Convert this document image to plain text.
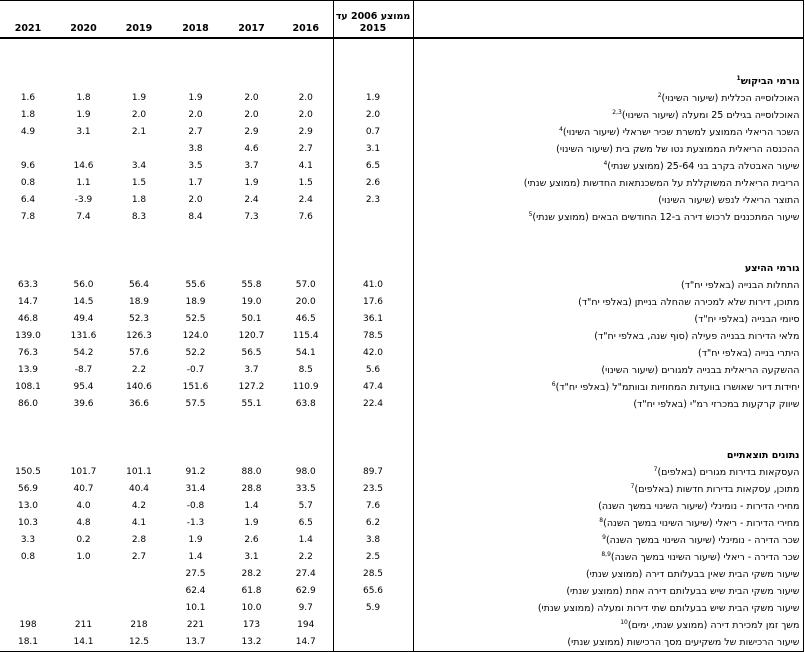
2021	2020	2019	2018	2017	2016	ממוצע 2006 עד
2015	

							גורמי הביקוש$^1$
1.6	1.8	1.9	1.9	2.0	2.0	1.9	האוכלוסייה הכללית (שיעור השינוי)$^2$
1.8	1.9	2.0	2.0	2.0	2.0	2.0	האוכלוסייה בגילים 25 ומעלה (שיעור השינוי)$^{2,3}$
4.9	3.1	2.1	2.7	2.9	2.9	0.7	השכר הריאלי הממוצע למשרת שכיר ישראלי (שיעור השינוי)$^4$
			3.8	4.6	2.7	3.1	ההכנסה הריאלית הממוצעת נטו של משק בית (שיעור השינוי)
9.6	14.6	3.4	3.5	3.7	4.1	6.5	שיעור האבטלה בקרב בני 25-64 (ממוצע שנתי)$^4$
0.8	1.1	1.5	1.7	1.9	1.5	2.6	הריבית הריאלית המשוקללת על המשכנתאות החדשות (ממוצע שנתי)
6.4	-3.9	1.8	2.0	2.4	2.4	2.3	התוצר הריאלי לנפש (שיעור השינוי)
7.8	7.4	8.3	8.4	7.3	7.6		שיעור המתכננים לרכוש דירה ב-12 החודשים הבאים (ממוצע שנתי)$^5$

							גורמי ההיצע
63.3	56.0	56.4	55.6	55.8	57.0	41.0	התחלות הבנייה (באלפי יח"ד)
14.7	14.5	18.9	18.9	19.0	20.0	17.6	מתוכן, דירות שלא למכירה שהחלה בנייתן (באלפי יח"ד)
46.8	49.4	52.3	52.5	50.1	46.5	36.1	סיומי הבנייה (באלפי יח"ד)
139.0	131.6	126.3	124.0	120.7	115.4	78.5	מלאי הדירות בבנייה פעילה (סוף שנה, באלפי יח"ד)
76.3	54.2	57.6	52.2	56.5	54.1	42.0	היתרי בנייה (באלפי יח"ד)
13.9	-8.7	2.2	-0.7	3.7	8.5	5.6	ההשקעה הריאלית בבנייה למגורים (שיעור השינוי)
108.1	95.4	140.6	151.6	127.2	110.9	47.4	יחידות דיור שאושרו בוועדות המחוזיות ובוותמ"ל (באלפי יח"ד)$^6$
86.0	39.6	36.6	57.5	55.1	63.8	22.4	שיווק קרקעות במכרזי רמ"י (באלפי יח"ד)

							נתונים תוצאתיים
150.5	101.7	101.1	91.2	88.0	98.0	89.7	העסקאות בדירות מגורים (באלפים)$^7$
56.9	40.7	40.4	31.4	28.8	33.5	23.5	מתוכן, עסקאות בדירות חדשות (באלפים)$^7$
13.0	4.0	4.2	-0.8	1.4	5.7	7.6	מחירי הדירות - נומינלי (שיעור השינוי במשך השנה)
10.3	4.8	4.1	-1.3	1.9	6.5	6.2	מחירי הדירות - ריאלי (שיעור השינוי במשך השנה)$^8$
3.3	0.2	2.8	1.9	2.6	1.4	3.8	שכר הדירה - נומינלי (שיעור השינוי במשך השנה)$^9$
0.8	1.0	2.7	1.4	3.1	2.2	2.5	שכר הדירה - ריאלי (שיעור השינוי במשך השנה)$^{8,9}$
			27.5	28.2	27.4	28.5	שיעור משקי הבית שאין בבעלותם דירה (ממוצע שנתי)
			62.4	61.8	62.9	65.6	שיעור משקי הבית שיש בבעלותם דירה אחת (ממוצע שנתי)
			10.1	10.0	9.7	5.9	שיעור משקי הבית שיש בבעלותם שתי דירות ומעלה (ממוצע שנתי)
198	211	218	221	173	194		משך זמן למכירת דירה (ממוצע שנתי, ימים)$^{10}$
18.1	14.1	12.5	13.7	13.2	14.7		שיעור הרכישות של משקיעים מסך הרכישות (ממוצע שנתי)
